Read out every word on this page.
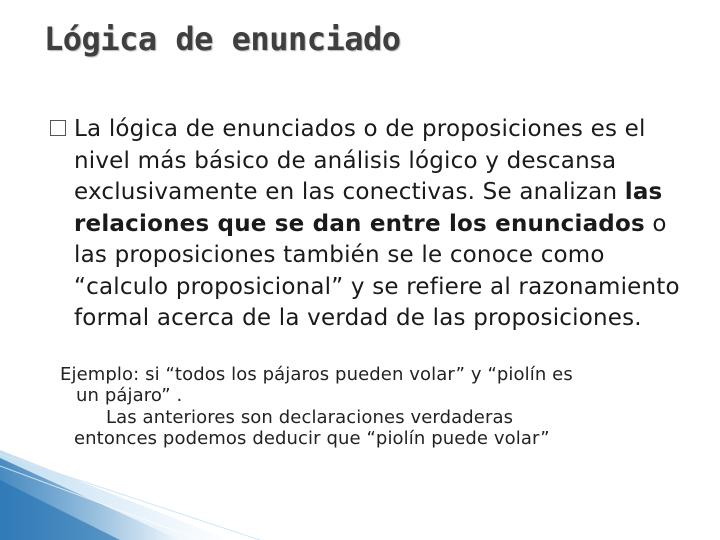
Lógica de enunciado
La lógica de enunciados o de proposiciones es el nivel más básico de análisis lógico y descansa exclusivamente en las conectivas. Se analizan las relaciones que se dan entre los enunciados o las proposiciones también se le conoce como “calculo proposicional” y se refiere al razonamiento formal acerca de la verdad de las proposiciones.
Ejemplo: si “todos los pájaros pueden volar” y “piolín es
un pájaro” .
Las anteriores son declaraciones verdaderas
entonces podemos deducir que “piolín puede volar”
